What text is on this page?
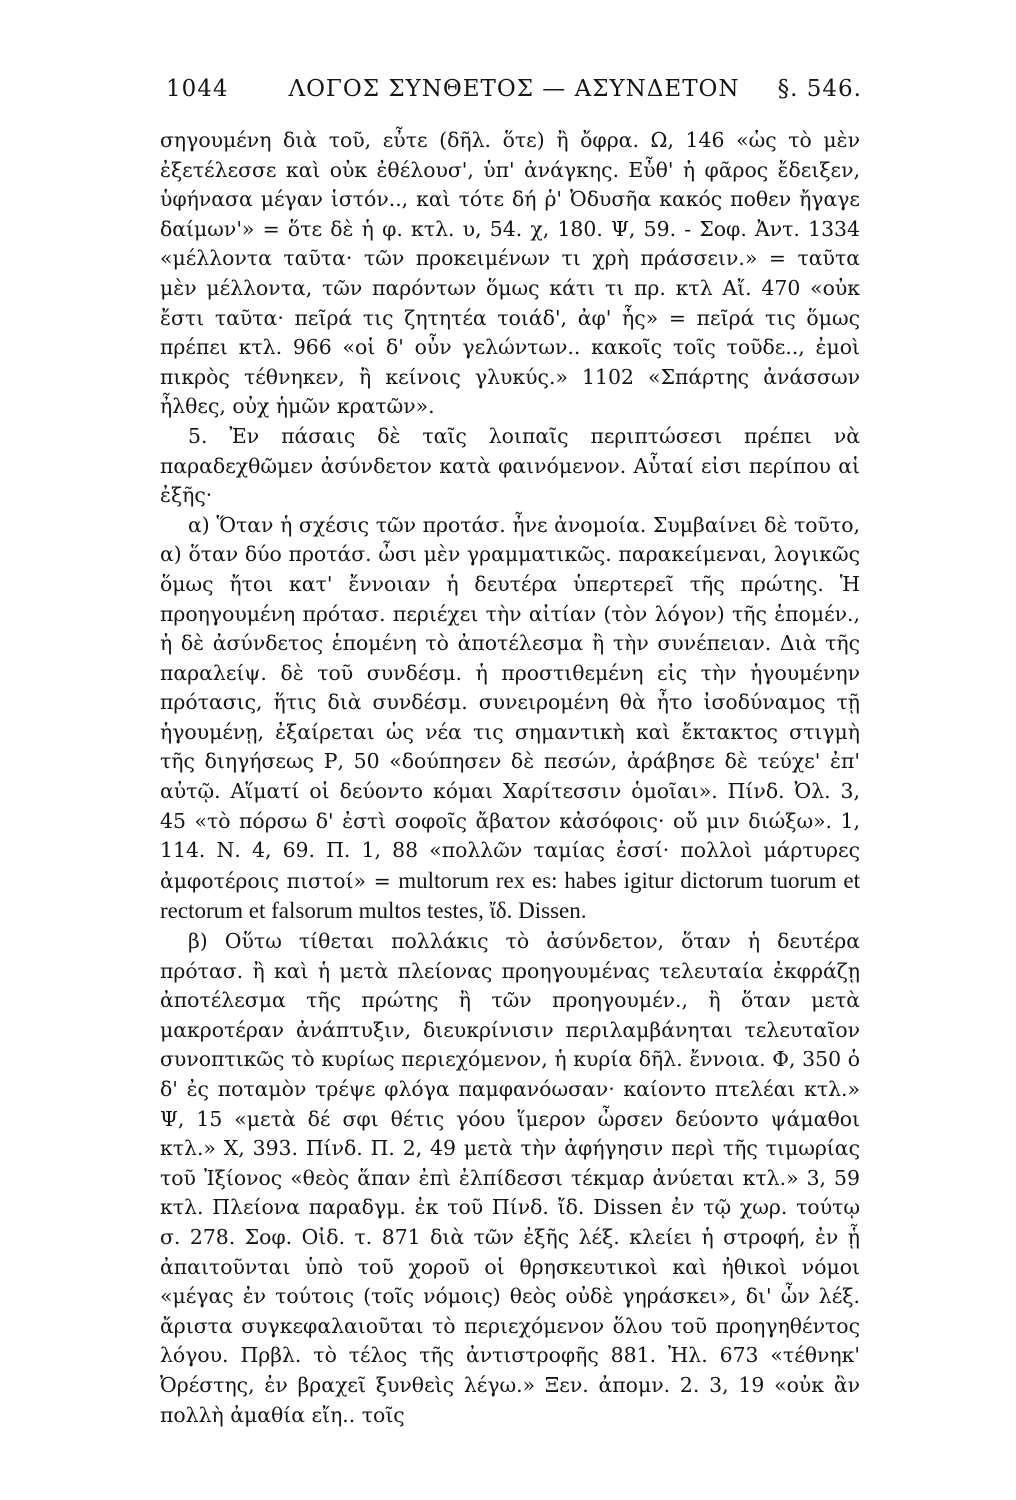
1044	ΛΟΓΟΣ ΣΥΝΘΕΤΟΣ — ΑΣΥΝΔΕΤΟΝ	§. 546.

σηγουμένη διὰ τοῦ, εὖτε (δῆλ. ὅτε) ἢ ὄφρα. Ω, 146 «ὡς τὸ μὲν ἐξετέλεσσε καὶ οὐκ ἐθέλουσ', ὑπ' ἀνάγκης. Εὖθ' ἡ φᾶρος ἔδειξεν, ὑφήνασα μέγαν ἱστόν.., καὶ τότε δή ῥ' Ὀδυσῆα κακός ποθεν ἤγαγε δαίμων'» = ὅτε δὲ ἡ φ. κτλ. υ, 54. χ, 180. Ψ, 59. - Σοφ. Ἀντ. 1334 «μέλλοντα ταῦτα· τῶν προκειμένων τι χρὴ πράσσειν.» = ταῦτα μὲν μέλλοντα, τῶν παρόντων ὅμως κάτι τι πρ. κτλ Αἴ. 470 «οὐκ ἔστι ταῦτα· πεῖρά τις ζητητέα τοιάδ', ἀφ' ἧς» = πεῖρά τις ὅμως πρέπει κτλ. 966 «οἱ δ' οὖν γελώντων.. κακοῖς τοῖς τοῦδε.., ἐμοὶ πικρὸς τέθνηκεν, ἢ κείνοις γλυκύς.» 1102 «Σπάρτης ἀνάσσων ἦλθες, οὐχ ἡμῶν κρατῶν».

5. Ἐν πάσαις δὲ ταῖς λοιπαῖς περιπτώσεσι πρέπει νὰ παραδεχθῶμεν ἀσύνδετον κατὰ φαινόμενον. Αὗταί εἰσι περίπου αἱ ἐξῆς·

α) Ὅταν ἡ σχέσις τῶν προτάσ. ἦνε ἀνομοία. Συμβαίνει δὲ τοῦτο, α) ὅταν δύο προτάσ. ὦσι μὲν γραμματικῶς. παρακείμεναι, λογικῶς ὅμως ἤτοι κατ' ἔννοιαν ἡ δευτέρα ὑπερτερεῖ τῆς πρώτης. Ἡ προηγουμένη πρότασ. περιέχει τὴν αἰτίαν (τὸν λόγον) τῆς ἑπομέν., ἡ δὲ ἀσύνδετος ἑπομένη τὸ ἀποτέλεσμα ἢ τὴν συνέπειαν. Διὰ τῆς παραλείψ. δὲ τοῦ συνδέσμ. ἡ προστιθεμένη εἰς τὴν ἡγουμένην πρότασις, ἥτις διὰ συνδέσμ. συνειρομένη θὰ ἦτο ἰσοδύναμος τῇ ἡγουμένῃ, ἐξαίρεται ὡς νέα τις σημαντικὴ καὶ ἔκτακτος στιγμὴ τῆς διηγήσεως Ρ, 50 «δούπησεν δὲ πεσών, ἀράβησε δὲ τεύχε' ἐπ' αὐτῷ. Αἵματί οἱ δεύοντο κόμαι Χαρίτεσσιν ὁμοῖαι». Πίνδ. Ὀλ. 3, 45 «τὸ πόρσω δ' ἐστὶ σοφοῖς ἄβατον κἀσόφοις· οὔ μιν διώξω». 1, 114. Ν. 4, 69. Π. 1, 88 «πολλῶν ταμίας ἐσσί· πολλοὶ μάρτυρες ἀμφοτέροις πιστοί» = multorum rex es: habes igitur dictorum tuorum et rectorum et falsorum multos testes, ἴδ. Dissen.

β) Οὕτω τίθεται πολλάκις τὸ ἀσύνδετον, ὅταν ἡ δευτέρα πρότασ. ἢ καὶ ἡ μετὰ πλείονας προηγουμένας τελευταία ἐκφράζῃ ἀποτέλεσμα τῆς πρώτης ἢ τῶν προηγουμέν., ἢ ὅταν μετὰ μακροτέραν ἀνάπτυξιν, διευκρίνισιν περιλαμβάνηται τελευταῖον συνοπτικῶς τὸ κυρίως περιεχόμενον, ἡ κυρία δῆλ. ἔννοια. Φ, 350 ὁ δ' ἐς ποταμὸν τρέψε φλόγα παμφανόωσαν· καίοντο πτελέαι κτλ.» Ψ, 15 «μετὰ δέ σφι θέτις γόου ἵμερον ὦρσεν δεύοντο ψάμαθοι κτλ.» Χ, 393. Πίνδ. Π. 2, 49 μετὰ τὴν ἀφήγησιν περὶ τῆς τιμωρίας τοῦ Ἰξίονος «θεὸς ἅπαν ἐπὶ ἐλπίδεσσι τέκμαρ ἀνύεται κτλ.» 3, 59 κτλ. Πλείονα παραδγμ. ἐκ τοῦ Πίνδ. ἴδ. Dissen ἐν τῷ χωρ. τούτῳ σ. 278. Σοφ. Οἰδ. τ. 871 διὰ τῶν ἐξῆς λέξ. κλείει ἡ στροφή, ἐν ᾗ ἀπαιτοῦνται ὑπὸ τοῦ χοροῦ οἱ θρησκευτικοὶ καὶ ἠθικοὶ νόμοι «μέγας ἐν τούτοις (τοῖς νόμοις) θεὸς οὐδὲ γηράσκει», δι' ὧν λέξ. ἄριστα συγκεφαλαιοῦται τὸ περιεχόμενον ὅλου τοῦ προηγηθέντος λόγου. Πρβλ. τὸ τέλος τῆς ἀντιστροφῆς 881. Ἠλ. 673 «τέθνηκ' Ὀρέστης, ἐν βραχεῖ ξυνθεὶς λέγω.» Ξεν. ἀπομν. 2. 3, 19 «οὐκ ἂν πολλὴ ἀμαθία εἴη.. τοῖς
